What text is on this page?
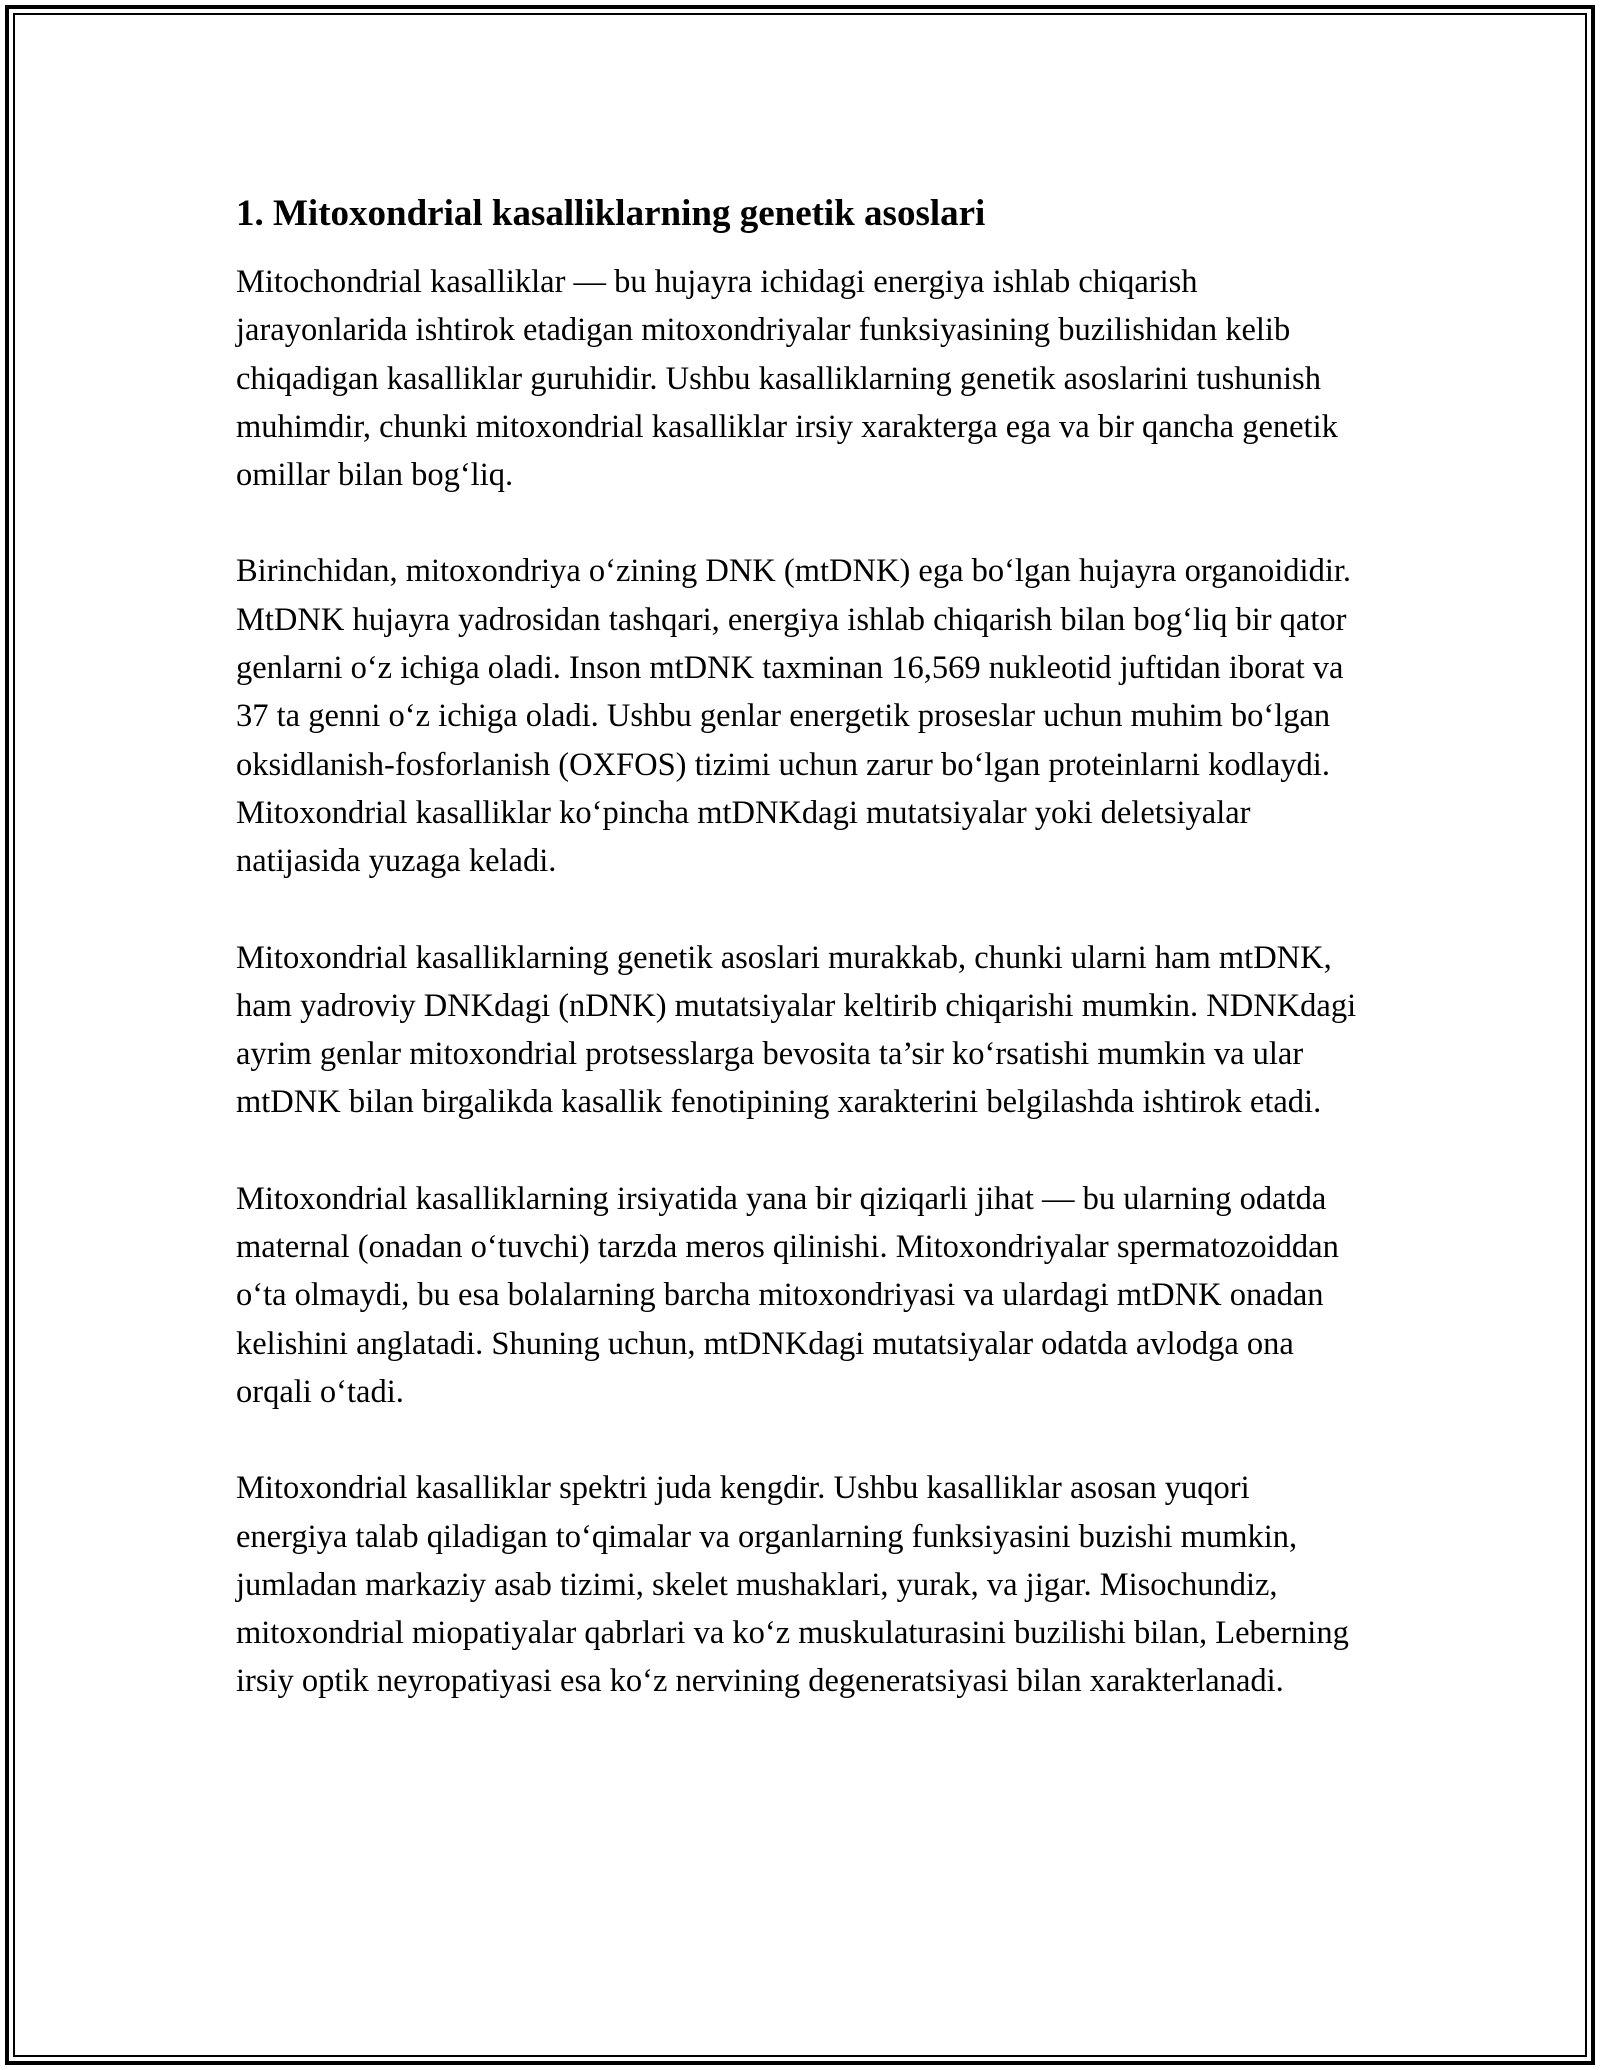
1. Mitoxondrial kasalliklarning genetik asoslari

Mitochondrial kasalliklar — bu hujayra ichidagi energiya ishlab chiqarish jarayonlarida ishtirok etadigan mitoxondriyalar funksiyasining buzilishidan kelib chiqadigan kasalliklar guruhidir. Ushbu kasalliklarning genetik asoslarini tushunish muhimdir, chunki mitoxondrial kasalliklar irsiy xarakterga ega va bir qancha genetik omillar bilan bog‘liq.

Birinchidan, mitoxondriya o‘zining DNK (mtDNK) ega bo‘lgan hujayra organoididir. MtDNK hujayra yadrosidan tashqari, energiya ishlab chiqarish bilan bog‘liq bir qator genlarni o‘z ichiga oladi. Inson mtDNK taxminan 16,569 nukleotid juftidan iborat va 37 ta genni o‘z ichiga oladi. Ushbu genlar energetik proseslar uchun muhim bo‘lgan oksidlanish-fosforlanish (OXFOS) tizimi uchun zarur bo‘lgan proteinlarni kodlaydi. Mitoxondrial kasalliklar ko‘pincha mtDNKdagi mutatsiyalar yoki deletsiyalar natijasida yuzaga keladi.

Mitoxondrial kasalliklarning genetik asoslari murakkab, chunki ularni ham mtDNK, ham yadroviy DNKdagi (nDNK) mutatsiyalar keltirib chiqarishi mumkin. NDNKdagi ayrim genlar mitoxondrial protsesslarga bevosita ta’sir ko‘rsatishi mumkin va ular mtDNK bilan birgalikda kasallik fenotipining xarakterini belgilashda ishtirok etadi.

Mitoxondrial kasalliklarning irsiyatida yana bir qiziqarli jihat — bu ularning odatda maternal (onadan o‘tuvchi) tarzda meros qilinishi. Mitoxondriyalar spermatozoiddan o‘ta olmaydi, bu esa bolalarning barcha mitoxondriyasi va ulardagi mtDNK onadan kelishini anglatadi. Shuning uchun, mtDNKdagi mutatsiyalar odatda avlodga ona orqali o‘tadi.

Mitoxondrial kasalliklar spektri juda kengdir. Ushbu kasalliklar asosan yuqori energiya talab qiladigan to‘qimalar va organlarning funksiyasini buzishi mumkin, jumladan markaziy asab tizimi, skelet mushaklari, yurak, va jigar. Misochundiz, mitoxondrial miopatiyalar qabrlari va ko‘z muskulaturasini buzilishi bilan, Leberning irsiy optik neyropatiyasi esa ko‘z nervining degeneratsiyasi bilan xarakterlanadi.
